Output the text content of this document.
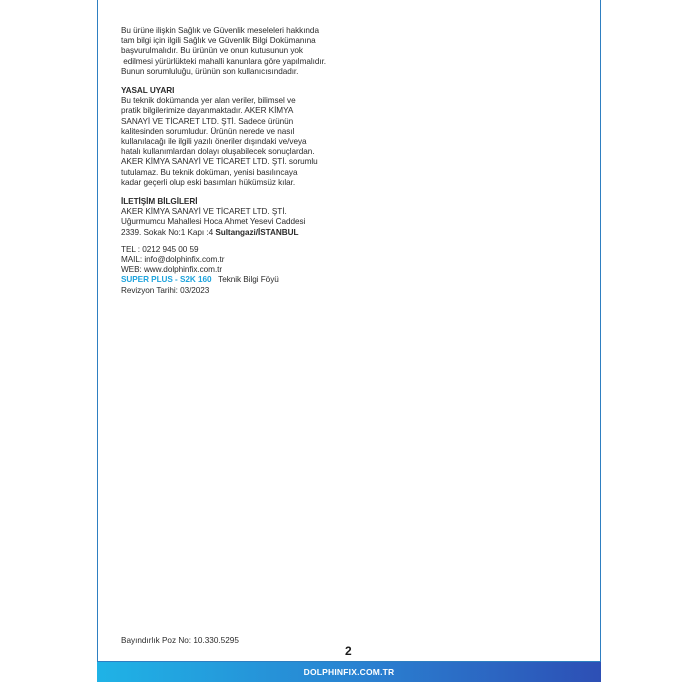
Bu ürüne ilişkin Sağlık ve Güvenlik meseleleri hakkında
tam bilgi için ilgili Sağlık ve Güvenlik Bilgi Dokümanına
başvurulmalıdır. Bu ürünün ve onun kutusunun yok
edilmesi yürürlükteki mahalli kanunlara göre yapılmalıdır.
Bunun sorumluluğu, ürünün son kullanıcısındadır.
YASAL UYARI
Bu teknik dokümanda yer alan veriler, bilimsel ve
pratik bilgilerimize dayanmaktadır. AKER KİMYA
SANAYİ VE TİCARET LTD. ŞTİ. Sadece ürünün
kalitesinden sorumludur. Ürünün nerede ve nasıl
kullanılacağı ile ilgili yazılı öneriler dışındaki ve/veya
hatalı kullanımlardan dolayı oluşabilecek sonuçlardan.
AKER KİMYA SANAYİ VE TİCARET LTD. ŞTİ. sorumlu
tutulamaz. Bu teknik doküman, yenisi basılıncaya
kadar geçerli olup eski basımları hükümsüz kılar.
İLETİŞİM BİLGİLERİ
AKER KİMYA SANAYİ VE TİCARET LTD. ŞTİ.
Uğurmumcu Mahallesi Hoca Ahmet Yesevi Caddesi
2339. Sokak No:1 Kapı :4 Sultangazi/İSTANBUL
TEL : 0212 945 00 59
MAIL: info@dolphinfix.com.tr
WEB: www.dolphinfix.com.tr
SUPER PLUS - S2K 160 Teknik Bilgi Föyü
Revizyon Tarihi: 03/2023
Bayındırlık Poz No: 10.330.5295
2
DOLPHINFIX.COM.TR
